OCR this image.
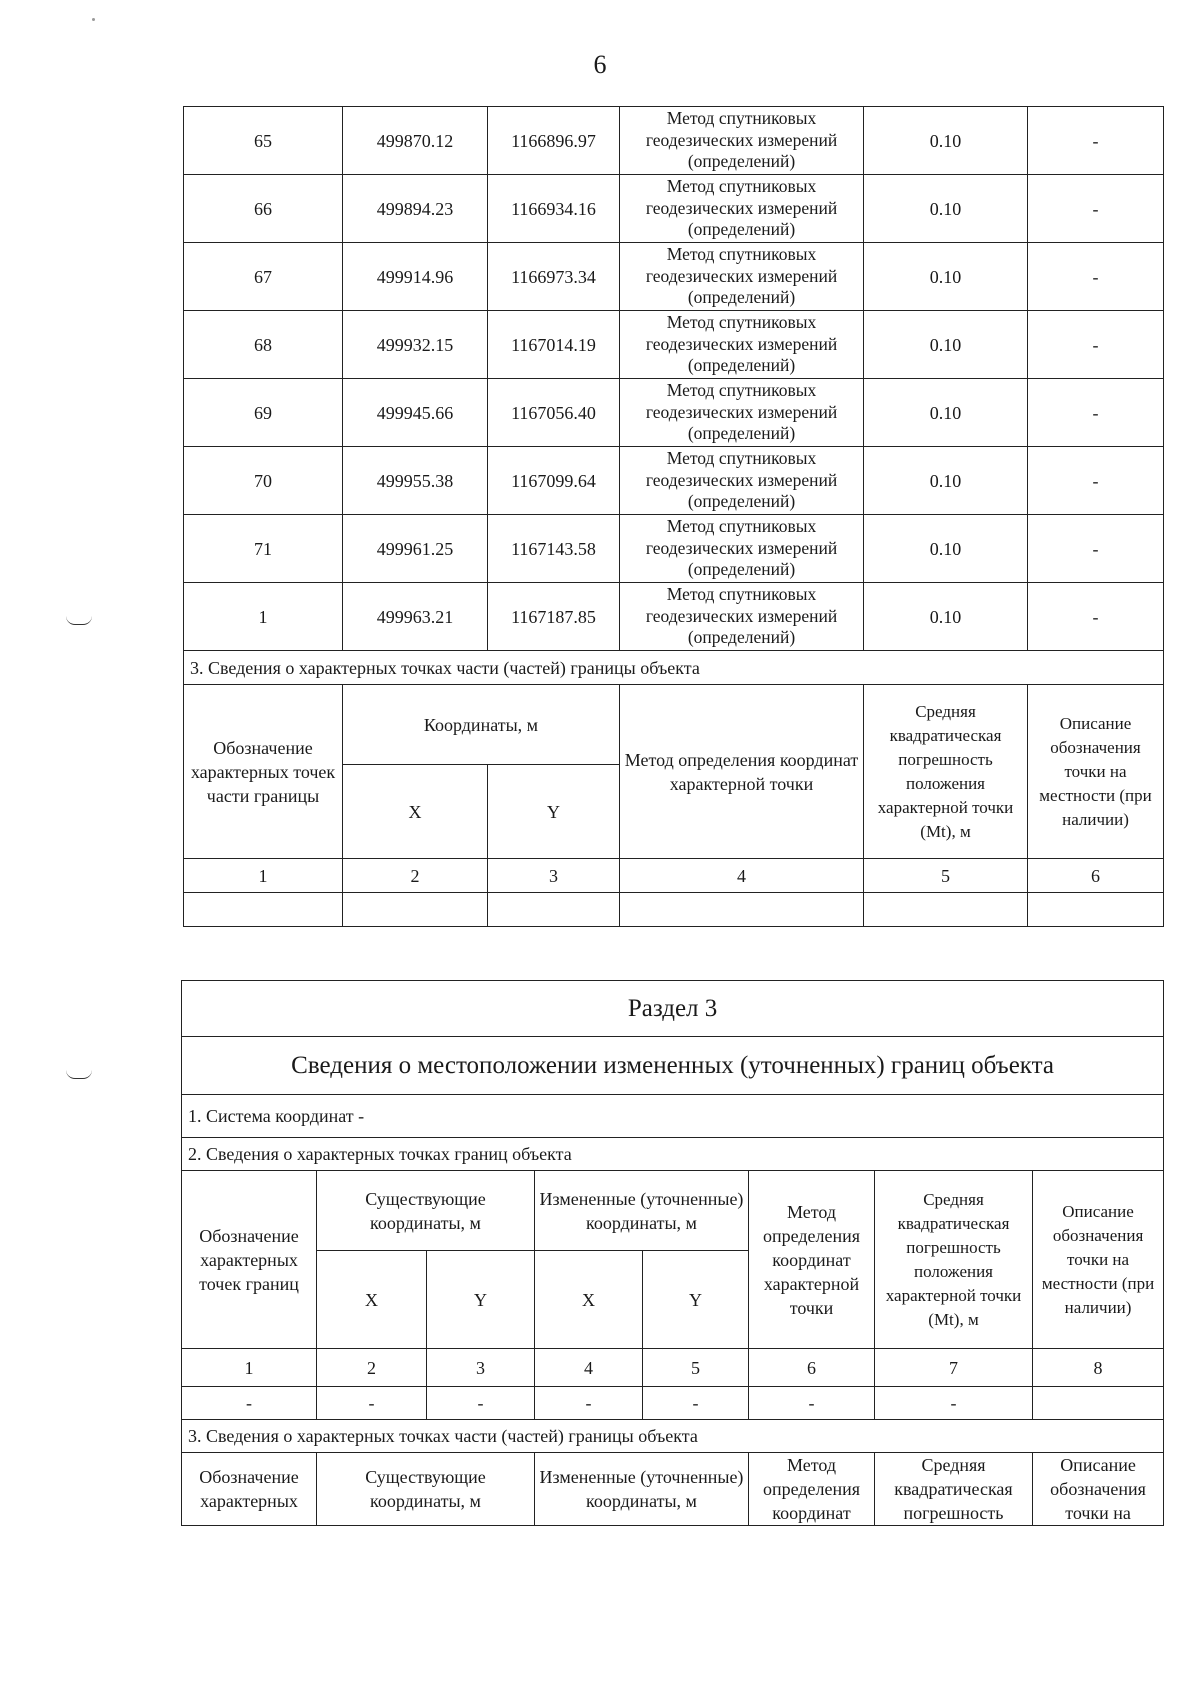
6
65	499870.12	1166896.97	Метод спутниковых геодезических измерений (определений)	0.10	-
66	499894.23	1166934.16	Метод спутниковых геодезических измерений (определений)	0.10	-
67	499914.96	1166973.34	Метод спутниковых геодезических измерений (определений)	0.10	-
68	499932.15	1167014.19	Метод спутниковых геодезических измерений (определений)	0.10	-
69	499945.66	1167056.40	Метод спутниковых геодезических измерений (определений)	0.10	-
70	499955.38	1167099.64	Метод спутниковых геодезических измерений (определений)	0.10	-
71	499961.25	1167143.58	Метод спутниковых геодезических измерений (определений)	0.10	-
1	499963.21	1167187.85	Метод спутниковых геодезических измерений (определений)	0.10	-
3. Сведения о характерных точках части (частей) границы объекта					
Обозначение характерных точек части границы	Координаты, м		Метод определения координат характерной точки	Средняя квадратическая погрешность положения характерной точки (Mt), м	Описание обозначения точки на местности (при наличии)
	X	Y			
1	2	3	4	5	6

Раздел 3							
Сведения о местоположении измененных (уточненных) границ объекта							
1. Система координат -							
2. Сведения о характерных точках границ объекта							
Обозначение характерных точек границ	Существующие координаты, м		Измененные (уточненные) координаты, м		Метод определения координат характерной точки	Средняя квадратическая погрешность положения характерной точки (Mt), м	Описание обозначения точки на местности (при наличии)
	X	Y	X	Y			
1	2	3	4	5	6	7	8
-	-	-	-	-	-	-	
3. Сведения о характерных точках части (частей) границы объекта							
Обозначение характерных	Существующие координаты, м		Измененные (уточненные) координаты, м		Метод определения координат	Средняя квадратическая погрешность	Описание обозначения точки на
